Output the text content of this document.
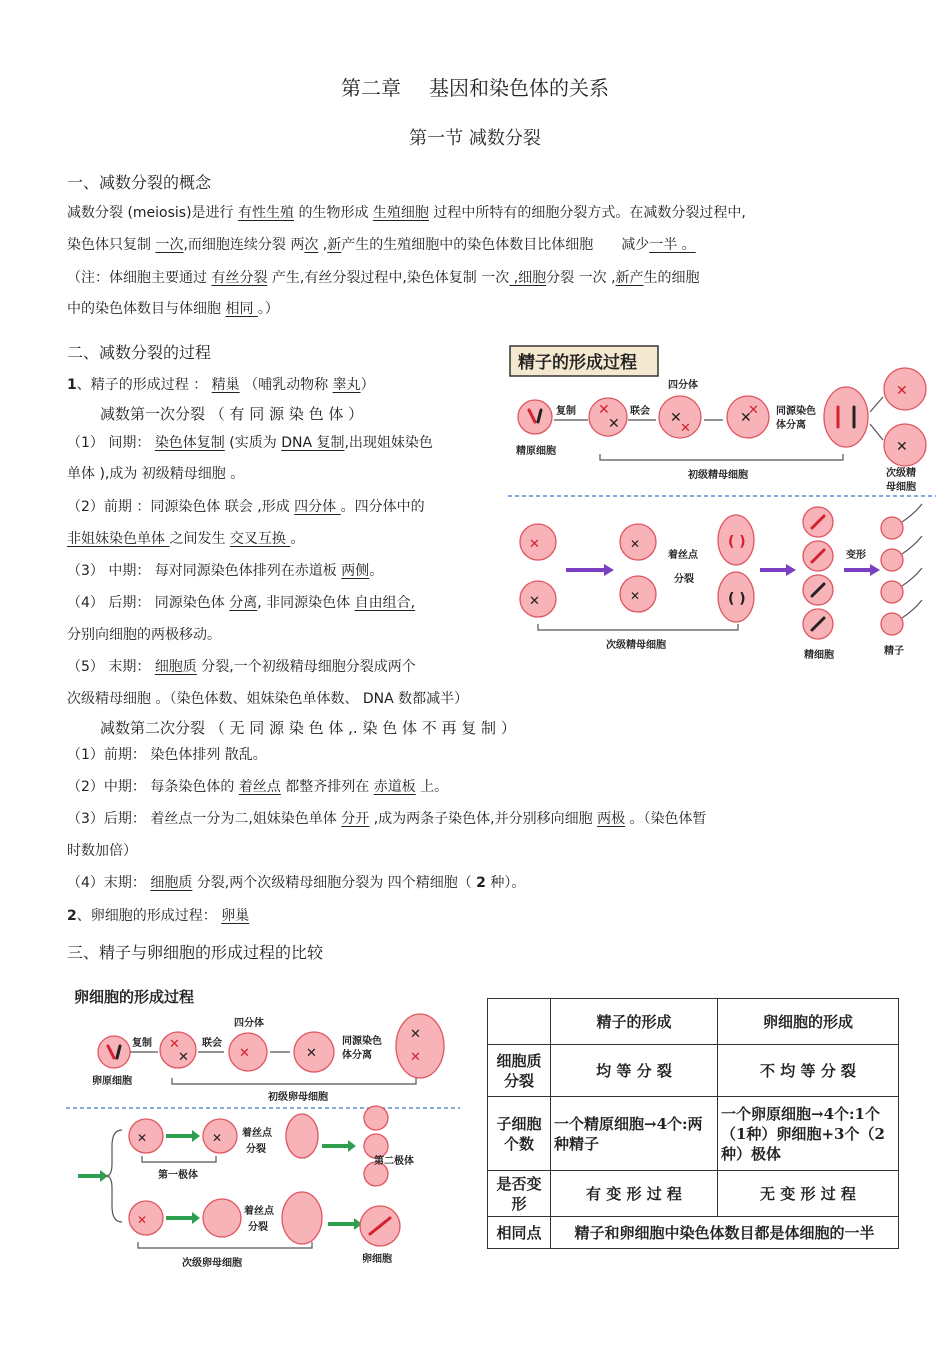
第二章 基因和染色体的关系
第一节 减数分裂
一、减数分裂的概念
减数分裂 (meiosis)是进行 有性生殖 的生物形成 生殖细胞 过程中所特有的细胞分裂方式。在减数分裂过程中,
染色体只复制 一次,而细胞连续分裂 两次 ,新产生的生殖细胞中的染色体数目比体细胞 减少一半 。
（注：体细胞主要通过 有丝分裂 产生,有丝分裂过程中,染色体复制 一次 ,细胞分裂 一次 ,新产生的细胞
中的染色体数目与体细胞 相同 。）
二、减数分裂的过程
1、精子的形成过程 ： 精巢 （哺乳动物称 睾丸）
减数第一次分裂 （ 有 同 源 染 色 体 ）
（1） 间期： 染色体复制 (实质为 DNA 复制,出现姐妹染色
单体 ),成为 初级精母细胞 。
（2）前期 ：同源染色体 联会 ,形成 四分体 。四分体中的
非姐妹染色单体 之间发生 交叉互换 。
（3） 中期： 每对同源染色体排列在赤道板 两侧。
（4） 后期： 同源染色体 分离, 非同源染色体 自由组合,
分别向细胞的两极移动。
（5） 末期： 细胞质 分裂,一个初级精母细胞分裂成两个
次级精母细胞 。（染色体数、姐妹染色单体数、 DNA 数都减半）
减数第二次分裂 （ 无 同 源 染 色 体 ,. 染 色 体 不 再 复 制 ）
（1）前期： 染色体排列 散乱。
（2）中期： 每条染色体的 着丝点 都整齐排列在 赤道板 上。
（3）后期： 着丝点一分为二,姐妹染色单体 分开 ,成为两条子染色体,并分别移向细胞 两极 。（染色体暂
时数加倍）
（4）末期： 细胞质 分裂,两个次级精母细胞分裂为 四个精细胞（ 2 种）。
2、卵细胞的形成过程： 卵巢
三、精子与卵细胞的形成过程的比较
精子的形成过程
复制 ✕
✕
联会
四分体
✕
✕
✕
✕ 同源染色
体分离
✕
✕
精原细胞
初级精母细胞	次级精
母细胞
✕
✕
✕
✕
着丝点
分裂
( )
( )
变形
次级精母细胞
精细胞	精子
卵细胞的形成过程
复制 ✕
✕
联会
四分体
✕	✕
同源染色
体分离
✕
✕
卵原细胞
初级卵母细胞
✕	✕ 着丝点
分裂
第二极体
第一极体
✕
着丝点
分裂
次级卵母细胞	卵细胞
	精子的形成	卵细胞的形成
细胞质分裂	均 等 分 裂	不 均 等 分 裂
子细胞个数	一个精原细胞→4个:两种精子	一个卵原细胞→4个:1个（1种）卵细胞+3个（2种）极体
是否变形	有 变 形 过 程	无 变 形 过 程
相同点	精子和卵细胞中染色体数目都是体细胞的一半	
